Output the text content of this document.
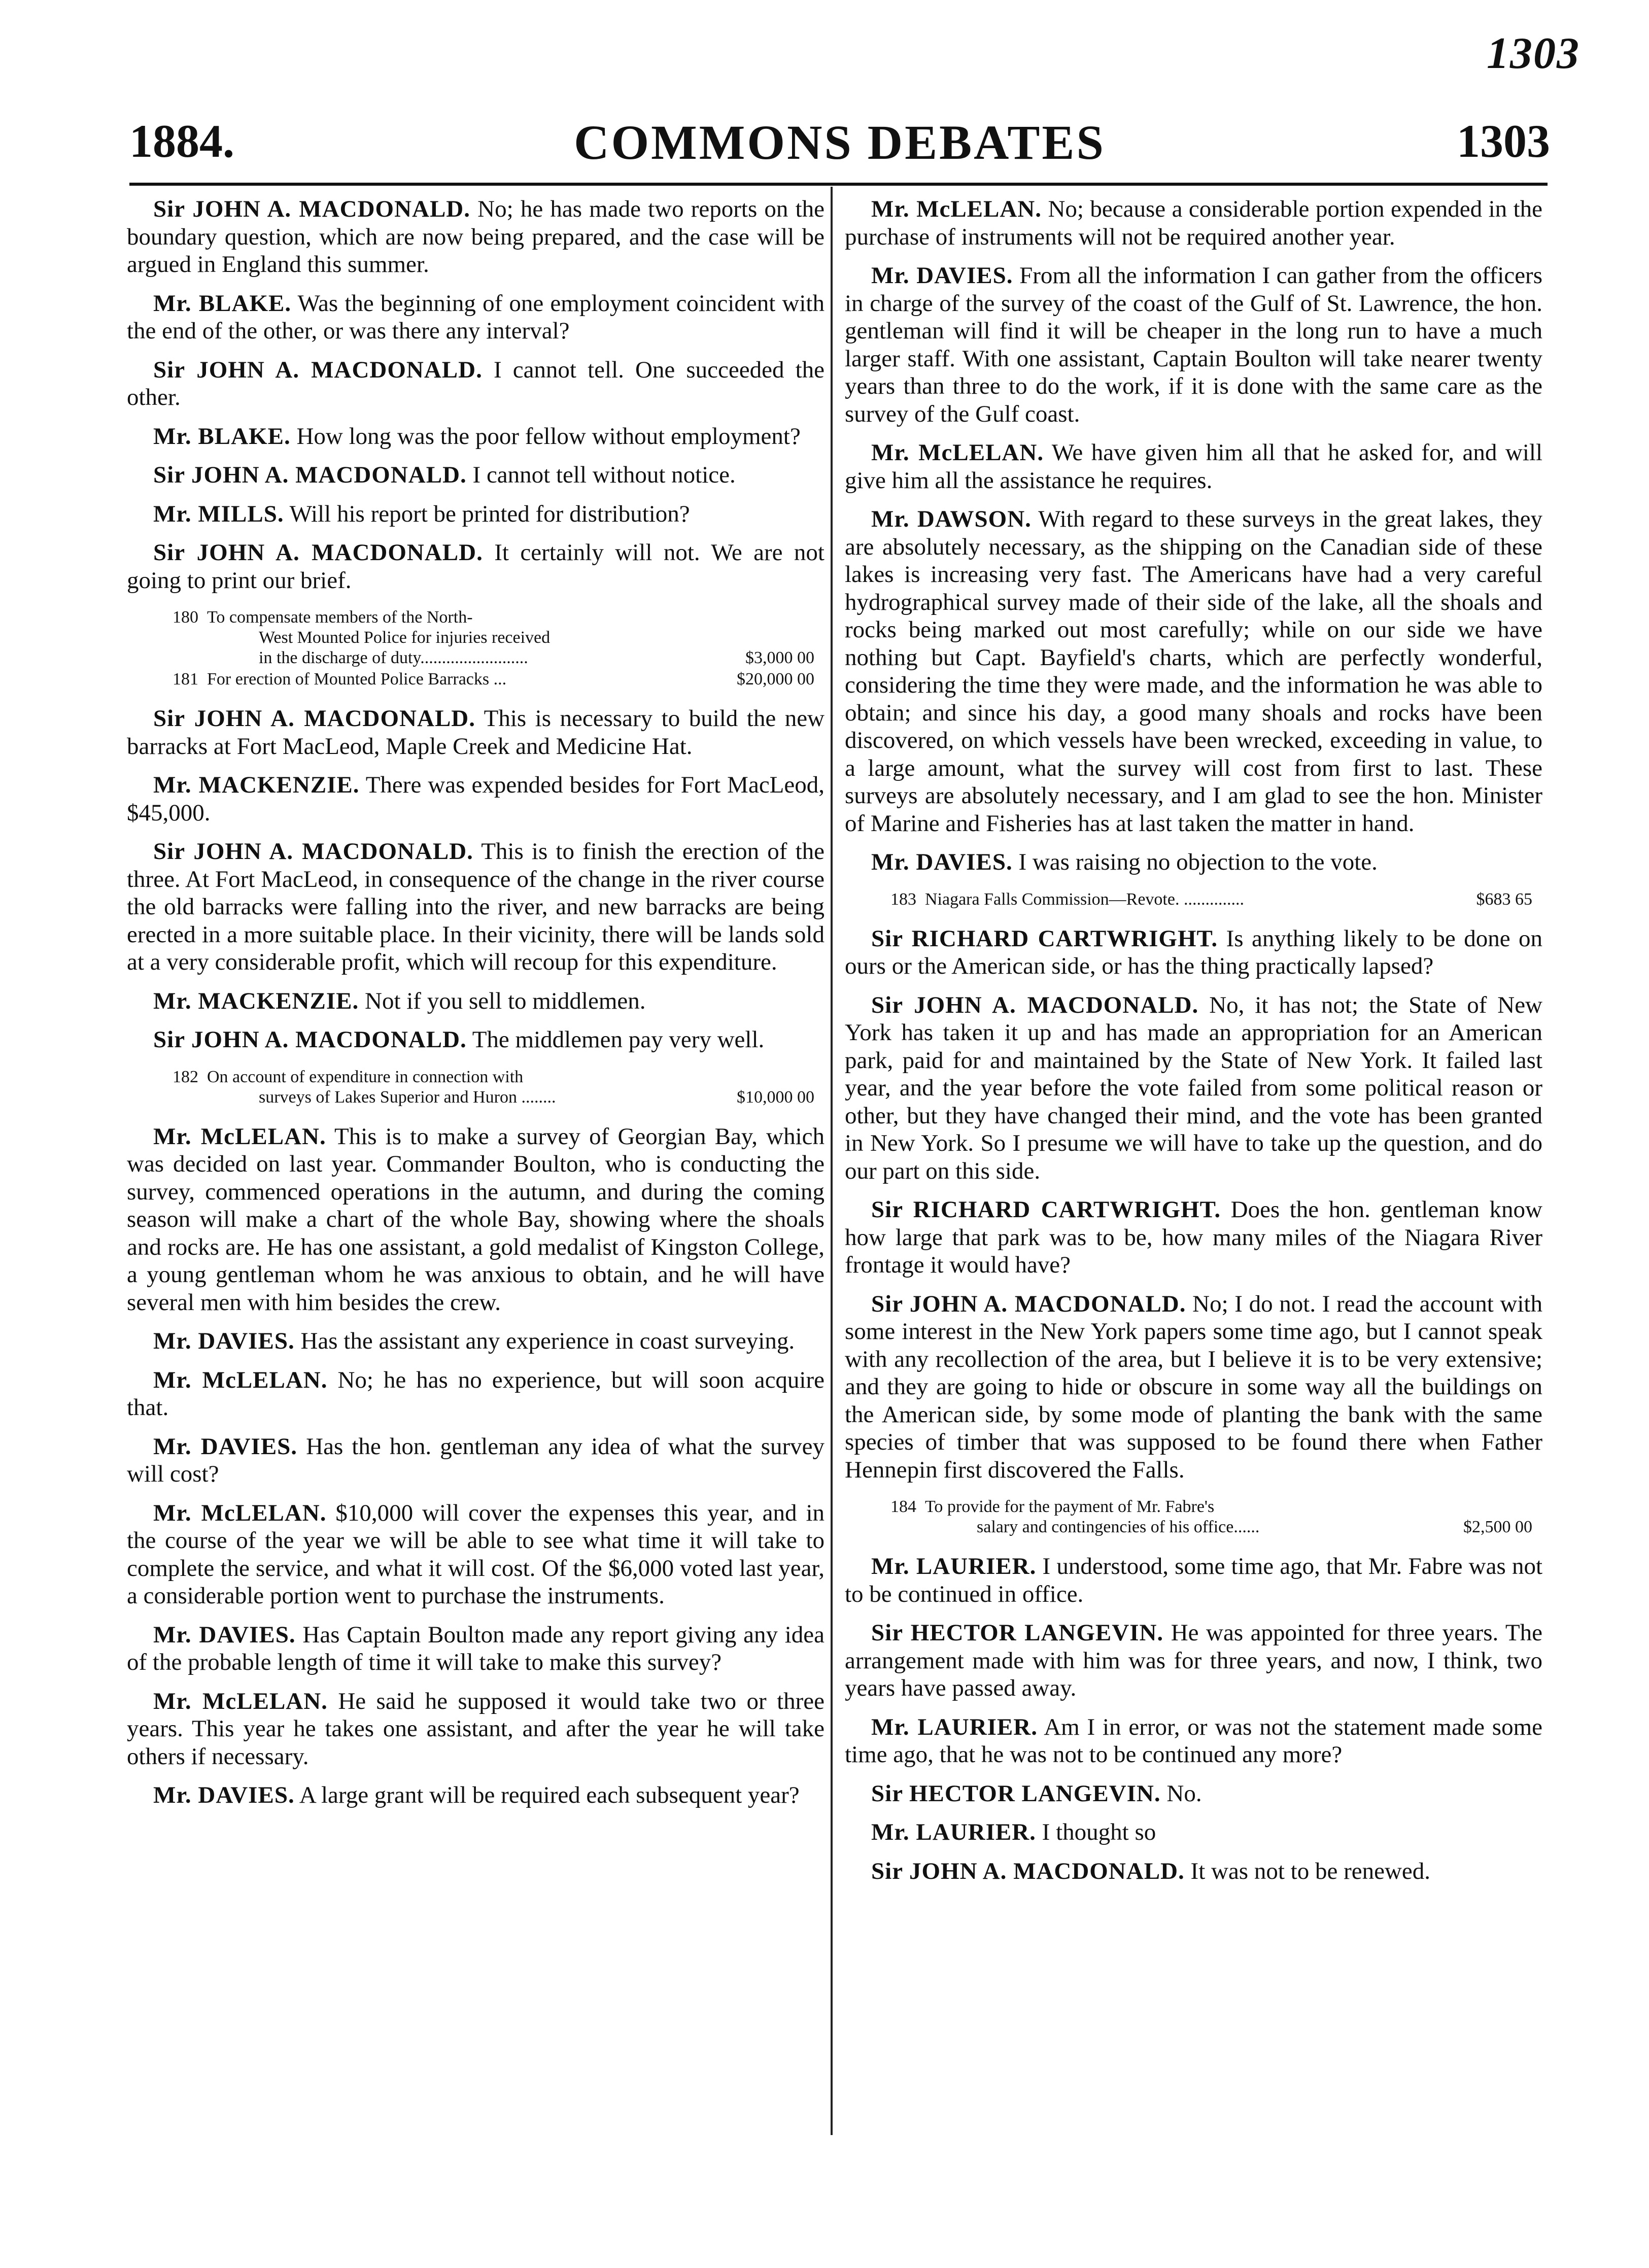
1303
1884.	COMMONS DEBATES	1303

Sir JOHN A. MACDONALD. No; he has made two reports on the boundary question, which are now being prepared, and the case will be argued in England this summer.

Mr. BLAKE. Was the beginning of one employment coincident with the end of the other, or was there any interval?

Sir JOHN A. MACDONALD. I cannot tell. One succeeded the other.

Mr. BLAKE. How long was the poor fellow without employment?

Sir JOHN A. MACDONALD. I cannot tell without notice.

Mr. MILLS. Will his report be printed for distribution?

Sir JOHN A. MACDONALD. It certainly will not. We are not going to print our brief.

180 To compensate members of the North-
West Mounted Police for injuries received
in the discharge of duty.........................	$3,000 00
181 For erection of Mounted Police Barracks ...	$20,000 00

Sir JOHN A. MACDONALD. This is necessary to build the new barracks at Fort MacLeod, Maple Creek and Medicine Hat.

Mr. MACKENZIE. There was expended besides for Fort MacLeod, $45,000.

Sir JOHN A. MACDONALD. This is to finish the erection of the three. At Fort MacLeod, in consequence of the change in the river course the old barracks were falling into the river, and new barracks are being erected in a more suitable place. In their vicinity, there will be lands sold at a very considerable profit, which will recoup for this expenditure.

Mr. MACKENZIE. Not if you sell to middlemen.

Sir JOHN A. MACDONALD. The middlemen pay very well.

182 On account of expenditure in connection with
surveys of Lakes Superior and Huron ........	$10,000 00

Mr. McLELAN. This is to make a survey of Georgian Bay, which was decided on last year. Commander Boulton, who is conducting the survey, commenced operations in the autumn, and during the coming season will make a chart of the whole Bay, showing where the shoals and rocks are. He has one assistant, a gold medalist of Kingston College, a young gentleman whom he was anxious to obtain, and he will have several men with him besides the crew.

Mr. DAVIES. Has the assistant any experience in coast surveying.

Mr. McLELAN. No; he has no experience, but will soon acquire that.

Mr. DAVIES. Has the hon. gentleman any idea of what the survey will cost?

Mr. McLELAN. $10,000 will cover the expenses this year, and in the course of the year we will be able to see what time it will take to complete the service, and what it will cost. Of the $6,000 voted last year, a considerable portion went to purchase the instruments.

Mr. DAVIES. Has Captain Boulton made any report giving any idea of the probable length of time it will take to make this survey?

Mr. McLELAN. He said he supposed it would take two or three years. This year he takes one assistant, and after the year he will take others if necessary.

Mr. DAVIES. A large grant will be required each subsequent year?

Mr. McLELAN. No; because a considerable portion expended in the purchase of instruments will not be required another year.

Mr. DAVIES. From all the information I can gather from the officers in charge of the survey of the coast of the Gulf of St. Lawrence, the hon. gentleman will find it will be cheaper in the long run to have a much larger staff. With one assistant, Captain Boulton will take nearer twenty years than three to do the work, if it is done with the same care as the survey of the Gulf coast.

Mr. McLELAN. We have given him all that he asked for, and will give him all the assistance he requires.

Mr. DAWSON. With regard to these surveys in the great lakes, they are absolutely necessary, as the shipping on the Canadian side of these lakes is increasing very fast. The Americans have had a very careful hydrographical survey made of their side of the lake, all the shoals and rocks being marked out most carefully; while on our side we have nothing but Capt. Bayfield's charts, which are perfectly wonderful, considering the time they were made, and the information he was able to obtain; and since his day, a good many shoals and rocks have been discovered, on which vessels have been wrecked, exceeding in value, to a large amount, what the survey will cost from first to last. These surveys are absolutely necessary, and I am glad to see the hon. Minister of Marine and Fisheries has at last taken the matter in hand.

Mr. DAVIES. I was raising no objection to the vote.

183 Niagara Falls Commission—Revote. ..............	$683 65

Sir RICHARD CARTWRIGHT. Is anything likely to be done on ours or the American side, or has the thing practically lapsed?

Sir JOHN A. MACDONALD. No, it has not; the State of New York has taken it up and has made an appropriation for an American park, paid for and maintained by the State of New York. It failed last year, and the year before the vote failed from some political reason or other, but they have changed their mind, and the vote has been granted in New York. So I presume we will have to take up the question, and do our part on this side.

Sir RICHARD CARTWRIGHT. Does the hon. gentleman know how large that park was to be, how many miles of the Niagara River frontage it would have?

Sir JOHN A. MACDONALD. No; I do not. I read the account with some interest in the New York papers some time ago, but I cannot speak with any recollection of the area, but I believe it is to be very extensive; and they are going to hide or obscure in some way all the buildings on the American side, by some mode of planting the bank with the same species of timber that was supposed to be found there when Father Hennepin first discovered the Falls.

184 To provide for the payment of Mr. Fabre's
salary and contingencies of his office......	$2,500 00

Mr. LAURIER. I understood, some time ago, that Mr. Fabre was not to be continued in office.

Sir HECTOR LANGEVIN. He was appointed for three years. The arrangement made with him was for three years, and now, I think, two years have passed away.

Mr. LAURIER. Am I in error, or was not the statement made some time ago, that he was not to be continued any more?

Sir HECTOR LANGEVIN. No.

Mr. LAURIER. I thought so

Sir JOHN A. MACDONALD. It was not to be renewed.
